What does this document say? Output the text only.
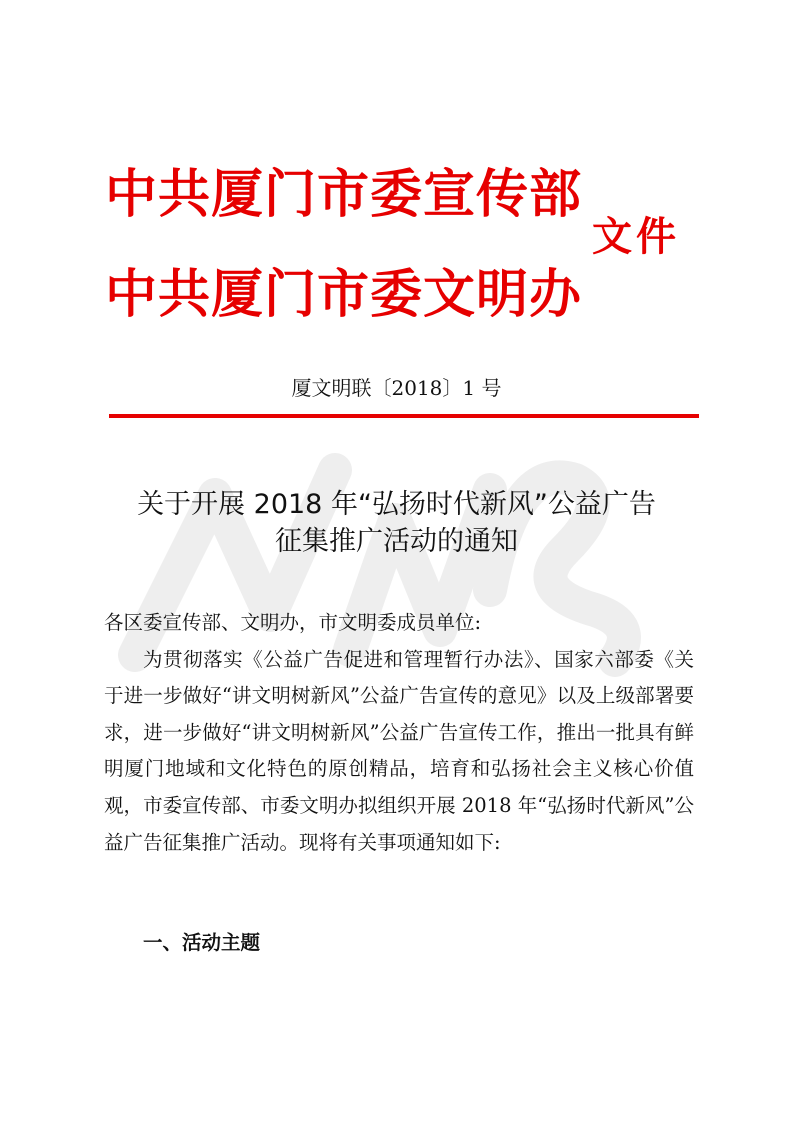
中共厦门市委宣传部
文件
中共厦门市委文明办
厦文明联〔2018〕1 号
关于开展 2018 年“弘扬时代新风”公益广告
征集推广活动的通知

各区委宣传部、文明办，市文明委成员单位:

为贯彻落实《公益广告促进和管理暂行办法》、国家六部委《关于进一步做好“讲文明树新风”公益广告宣传的意见》以及上级部署要求，进一步做好“讲文明树新风”公益广告宣传工作，推出一批具有鲜明厦门地域和文化特色的原创精品，培育和弘扬社会主义核心价值观，市委宣传部、市委文明办拟组织开展 2018 年“弘扬时代新风”公益广告征集推广活动。现将有关事项通知如下:

一、活动主题
